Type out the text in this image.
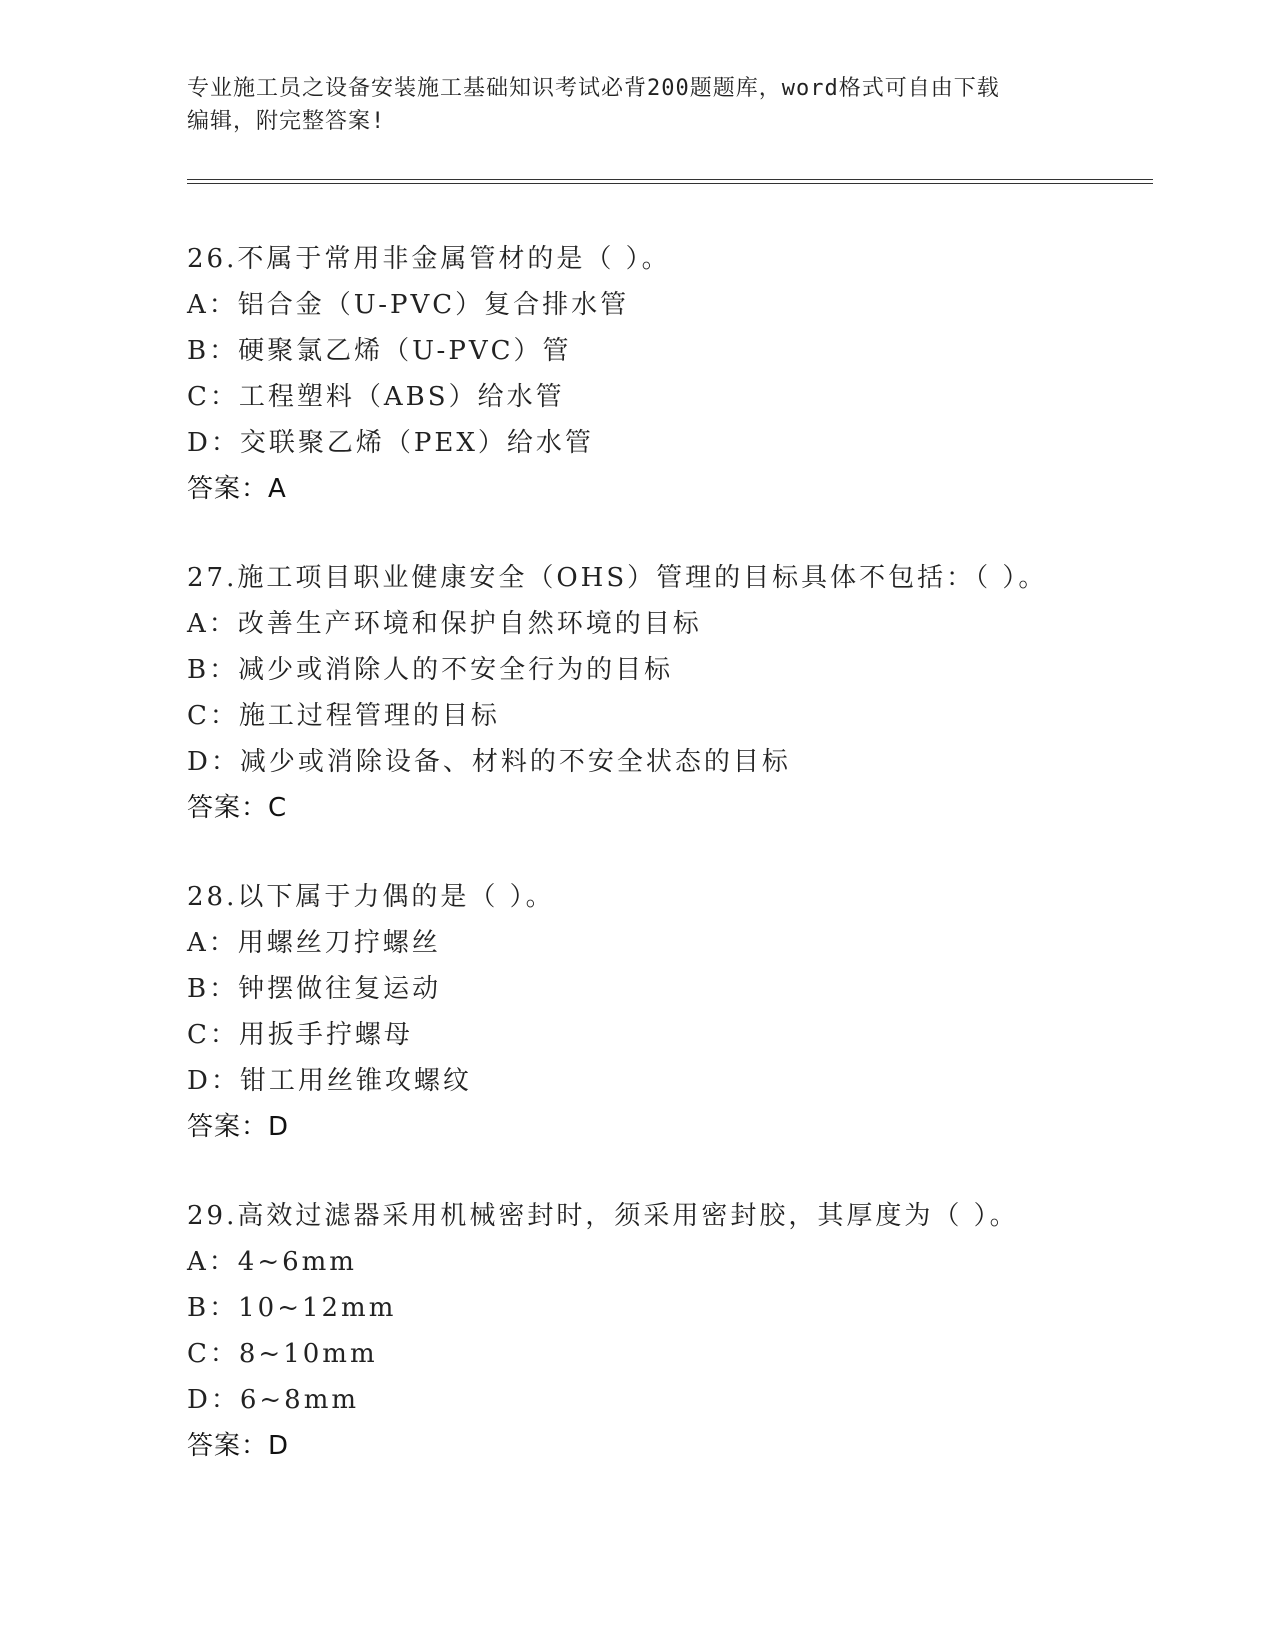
专业施工员之设备安装施工基础知识考试必背200题题库，word格式可自由下载
编辑，附完整答案!
26.不属于常用非金属管材的是（ ）。
A：铝合金（U-PVC）复合排水管
B：硬聚氯乙烯（U-PVC）管
C：工程塑料（ABS）给水管
D：交联聚乙烯（PEX）给水管
答案：A
27.施工项目职业健康安全（OHS）管理的目标具体不包括：（ ）。
A：改善生产环境和保护自然环境的目标
B：减少或消除人的不安全行为的目标
C：施工过程管理的目标
D：减少或消除设备、材料的不安全状态的目标
答案：C
28.以下属于力偶的是（ ）。
A：用螺丝刀拧螺丝
B：钟摆做往复运动
C：用扳手拧螺母
D：钳工用丝锥攻螺纹
答案：D
29.高效过滤器采用机械密封时，须采用密封胶，其厚度为（ ）。
A：4~6mm
B：10~12mm
C：8~10mm
D：6~8mm
答案：D
